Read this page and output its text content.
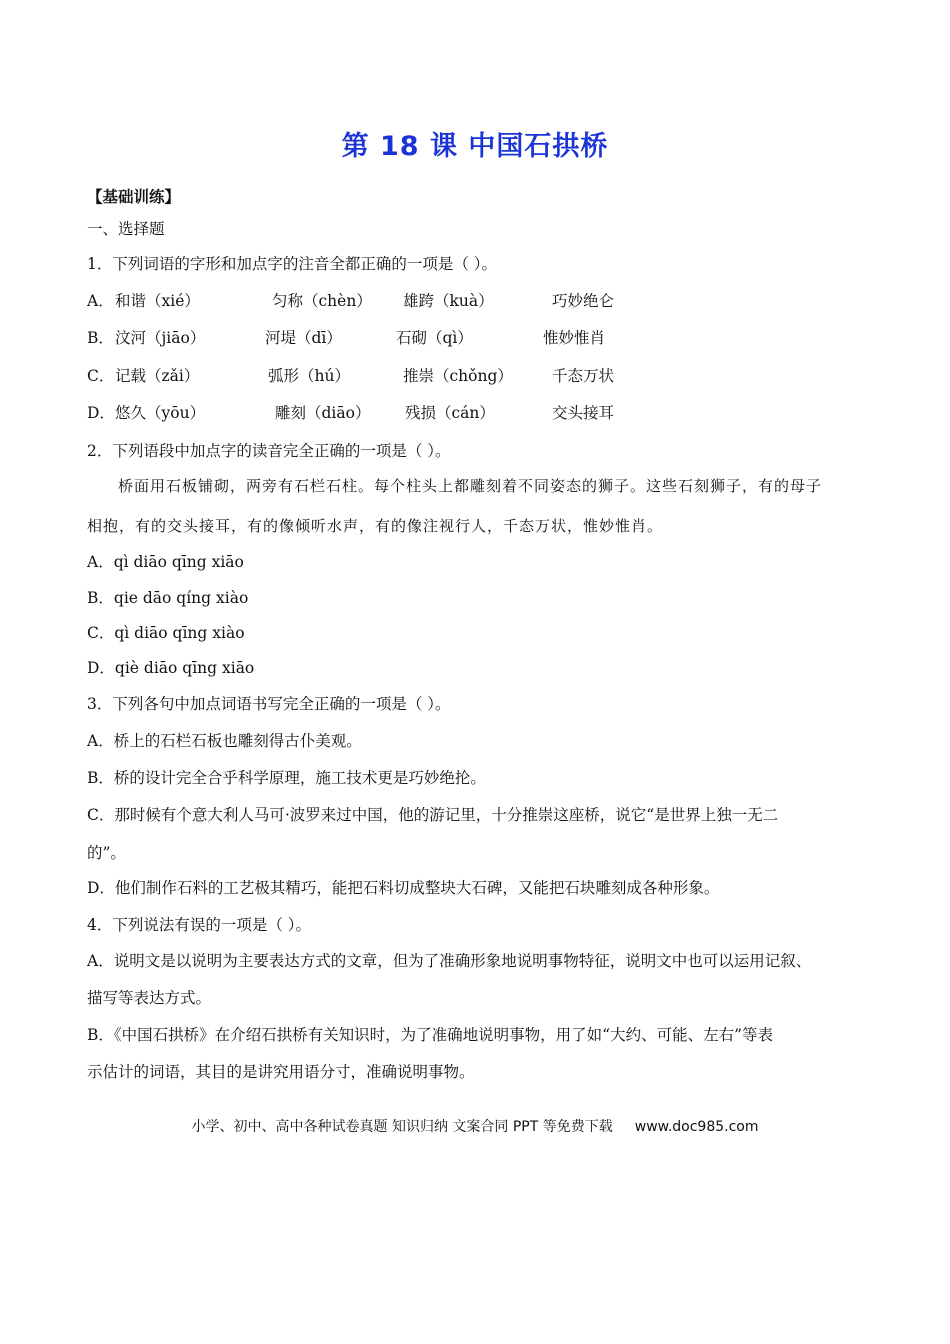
第 18 课 中国石拱桥
【基础训练】
一、选择题
1．下列词语的字形和加点字的注音全都正确的一项是（ ）。
A． 和谐（xié）	匀称（chèn） 雄跨（kuà）	巧妙绝仑
B． 汶河（jiāo）	河堤（dī）	石砌（qì）	惟妙惟肖
C． 记载（zǎi）	弧形（hú）	推崇（chǒng）	千态万状
D． 悠久（yōu）	雕刻（diāo） 残损（cán）	交头接耳
2．下列语段中加点字的读音完全正确的一项是（ ）。
桥面用石板铺砌，两旁有石栏石柱。每个柱头上都雕刻着不同姿态的狮子。这些石刻狮子，有的母子
相抱，有的交头接耳，有的像倾听水声，有的像注视行人，千态万状，惟妙惟肖。
A．qì diāo qīng xiāo
B．qie dāo qíng xiào
C．qì diāo qīng xiào
D．qiè diāo qīng xiāo
3．下列各句中加点词语书写完全正确的一项是（ ）。
A．桥上的石栏石板也雕刻得古仆美观。
B．桥的设计完全合乎科学原理，施工技术更是巧妙绝抡。
C．那时候有个意大利人马可·波罗来过中国，他的游记里，十分推崇这座桥，说它“是世界上独一无二
的”。
D．他们制作石料的工艺极其精巧，能把石料切成整块大石碑，又能把石块雕刻成各种形象。
4．下列说法有误的一项是（ ）。
A．说明文是以说明为主要表达方式的文章，但为了准确形象地说明事物特征，说明文中也可以运用记叙、
描写等表达方式。
B．《中国石拱桥》在介绍石拱桥有关知识时，为了准确地说明事物，用了如“大约、可能、左右”等表
示估计的词语，其目的是讲究用语分寸，准确说明事物。
小学、初中、高中各种试卷真题 知识归纳 文案合同 PPT 等免费下载 www.doc985.com
